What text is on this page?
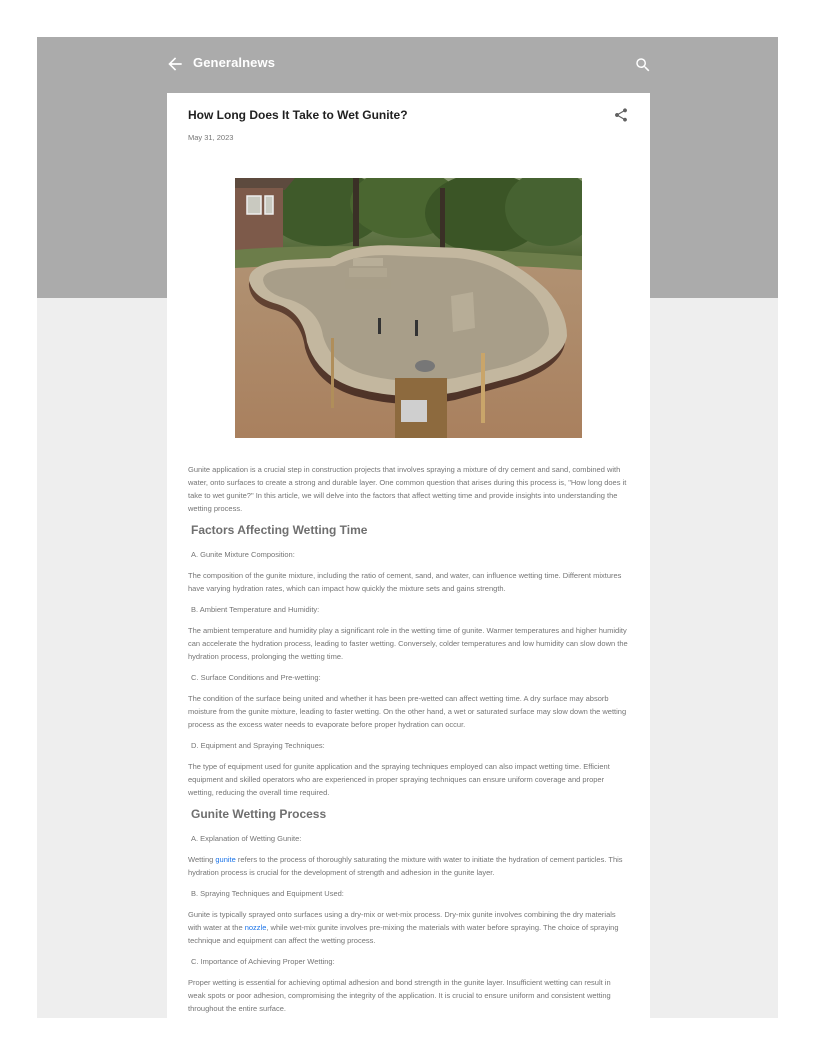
Generalnews
How Long Does It Take to Wet Gunite?
May 31, 2023

Gunite application is a crucial step in construction projects that involves spraying a mixture of dry cement and sand, combined with water, onto surfaces to create a strong and durable layer. One common question that arises during this process is, "How long does it take to wet gunite?" In this article, we will delve into the factors that affect wetting time and provide insights into understanding the wetting process.

Factors Affecting Wetting Time
A. Gunite Mixture Composition:

The composition of the gunite mixture, including the ratio of cement, sand, and water, can influence wetting time. Different mixtures have varying hydration rates, which can impact how quickly the mixture sets and gains strength.

B. Ambient Temperature and Humidity:

The ambient temperature and humidity play a significant role in the wetting time of gunite. Warmer temperatures and higher humidity can accelerate the hydration process, leading to faster wetting. Conversely, colder temperatures and low humidity can slow down the hydration process, prolonging the wetting time.

C. Surface Conditions and Pre-wetting:

The condition of the surface being united and whether it has been pre-wetted can affect wetting time. A dry surface may absorb moisture from the gunite mixture, leading to faster wetting. On the other hand, a wet or saturated surface may slow down the wetting process as the excess water needs to evaporate before proper hydration can occur.

D. Equipment and Spraying Techniques:

The type of equipment used for gunite application and the spraying techniques employed can also impact wetting time. Efficient equipment and skilled operators who are experienced in proper spraying techniques can ensure uniform coverage and proper wetting, reducing the overall time required.

Gunite Wetting Process
A. Explanation of Wetting Gunite:

Wetting gunite refers to the process of thoroughly saturating the mixture with water to initiate the hydration of cement particles. This hydration process is crucial for the development of strength and adhesion in the gunite layer.

B. Spraying Techniques and Equipment Used:

Gunite is typically sprayed onto surfaces using a dry-mix or wet-mix process. Dry-mix gunite involves combining the dry materials with water at the nozzle, while wet-mix gunite involves pre-mixing the materials with water before spraying. The choice of spraying technique and equipment can affect the wetting process.

C. Importance of Achieving Proper Wetting:

Proper wetting is essential for achieving optimal adhesion and bond strength in the gunite layer. Insufficient wetting can result in weak spots or poor adhesion, compromising the integrity of the application. It is crucial to ensure uniform and consistent wetting throughout the entire surface.
